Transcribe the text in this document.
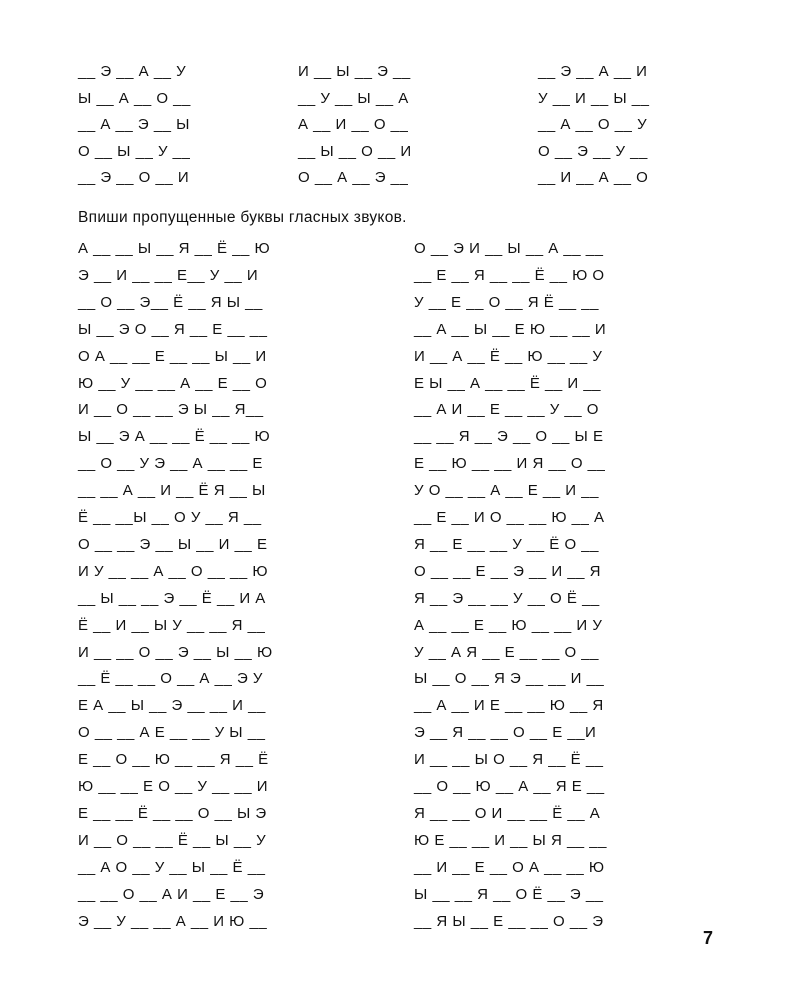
__ Э __ А __ У
Ы __ А __ О __
__ А __ Э __ Ы
О __ Ы __ У __
__ Э __ О __ И
И __ Ы __ Э __
__ У __ Ы __ А
А __ И __ О __
__ Ы __ О __ И
О __ А __ Э __
__ Э __ А __ И
У __ И __ Ы __
__ А __ О __ У
О __ Э __ У __
__ И __ А __ О
Впиши пропущенные буквы гласных звуков.
А __ __ Ы __ Я __ Ё __ Ю
Э __ И __ __ Е__ У __ И
__ О __ Э__ Ё __ Я Ы __
Ы __ Э О __ Я __ Е __ __
О А __ __ Е __ __ Ы __ И
Ю __ У __ __ А __ Е __ О
И __ О __ __ Э Ы __ Я__
Ы __ Э А __ __ Ё __ __ Ю
__ О __ У Э __ А __ __ Е
__ __ А __ И __ Ё Я __ Ы
Ё __ __Ы __ О У __ Я __
О __ __ Э __ Ы __ И __ Е
И У __ __ А __ О __ __ Ю
__ Ы __ __ Э __ Ё __ И А
Ё __ И __ Ы У __ __ Я __
И __ __ О __ Э __ Ы __ Ю
__ Ё __ __ О __ А __ Э У
Е А __ Ы __ Э __ __ И __
О __ __ А Е __ __ У Ы __
Е __ О __ Ю __ __ Я __ Ё
Ю __ __ Е О __ У __ __ И
Е __ __ Ё __ __ О __ Ы Э
И __ О __ __ Ё __ Ы __ У
__ А О __ У __ Ы __ Ё __
__ __ О __ А И __ Е __ Э
Э __ У __ __ А __ И Ю __
О __ Э И __ Ы __ А __ __
__ Е __ Я __ __ Ё __ Ю О
У __ Е __ О __ Я Ё __ __
__ А __ Ы __ Е Ю __ __ И
И __ А __ Ё __ Ю __ __ У
Е Ы __ А __ __ Ё __ И __
__ А И __ Е __ __ У __ О
__ __ Я __ Э __ О __ Ы Е
Е __ Ю __ __ И Я __ О __
У О __ __ А __ Е __ И __
__ Е __ И О __ __ Ю __ А
Я __ Е __ __ У __ Ё О __
О __ __ Е __ Э __ И __ Я
Я __ Э __ __ У __ О Ё __
А __ __ Е __ Ю __ __ И У
У __ А Я __ Е __ __ О __
Ы __ О __ Я Э __ __ И __
__ А __ И Е __ __ Ю __ Я
Э __ Я __ __ О __ Е __И
И __ __ Ы О __ Я __ Ё __
__ О __ Ю __ А __ Я Е __
Я __ __ О И __ __ Ё __ А
Ю Е __ __ И __ Ы Я __ __
__ И __ Е __ О А __ __ Ю
Ы __ __ Я __ О Ё __ Э __
__ Я Ы __ Е __ __ О __ Э
7
